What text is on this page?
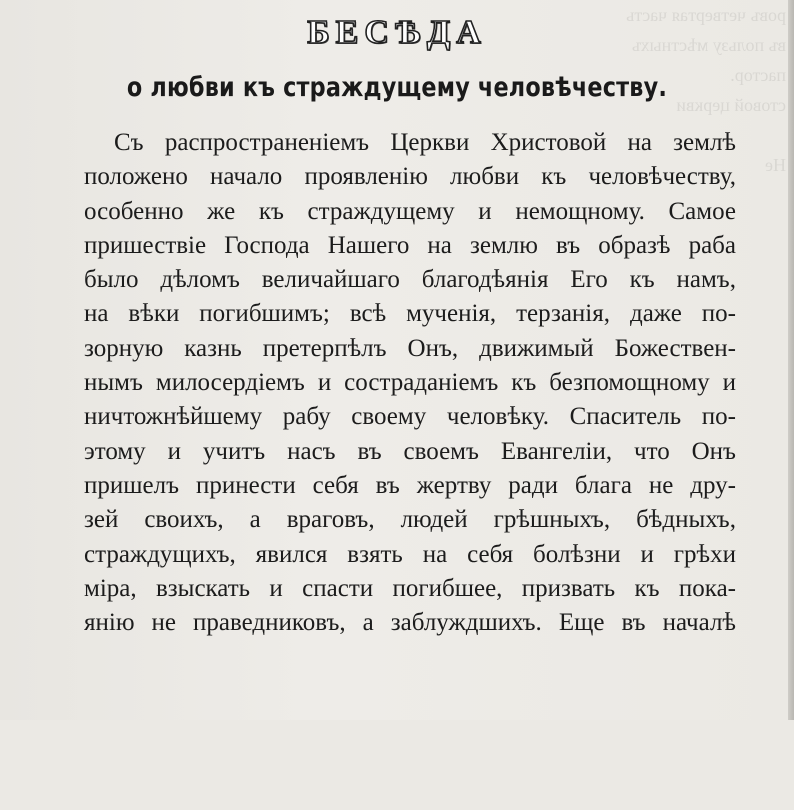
ровъ четвертая часть
въ пользу мѣстныхъ
пастор.
стовой церкви

Не

БЕСѢДА
о любви къ страждущему человѣчеству.
Съ распространеніемъ Церкви Христовой на землѣ
положено начало проявленію любви къ человѣчеству,
особенно же къ страждущему и немощному. Самое
пришествіе Господа Нашего на землю въ образѣ раба
было дѣломъ величайшаго благодѣянія Его къ намъ,
на вѣки погибшимъ; всѣ мученія, терзанія, даже по-
зорную казнь претерпѣлъ Онъ, движимый Божествен-
нымъ милосердіемъ и состраданіемъ къ безпомощному и
ничтожнѣйшему рабу своему человѣку. Спаситель по-
этому и учитъ насъ въ своемъ Евангеліи, что Онъ
пришелъ принести себя въ жертву ради блага не дру-
зей своихъ, а враговъ, людей грѣшныхъ, бѣдныхъ,
страждущихъ, явился взять на себя болѣзни и грѣхи
міра, взыскать и спасти погибшее, призвать къ пока-
янію не праведниковъ, а заблуждшихъ. Еще въ началѣ
